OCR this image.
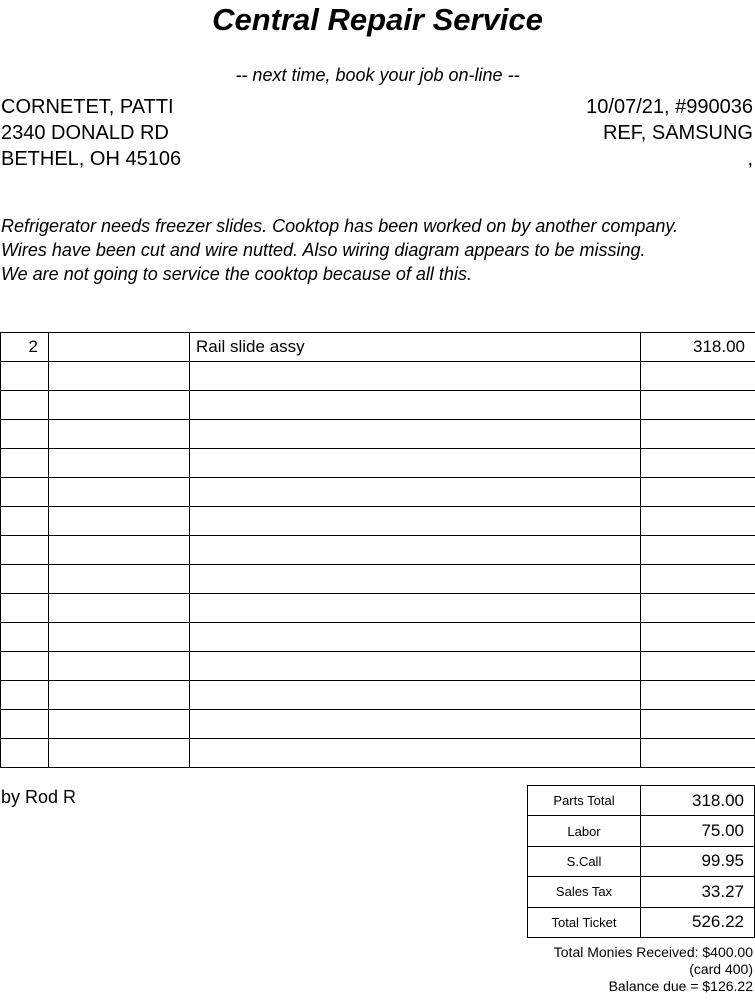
Central Repair Service
-- next time, book your job on-line --
CORNETET, PATTI
2340 DONALD RD
BETHEL, OH 45106
10/07/21, #990036
REF, SAMSUNG
,
Refrigerator needs freezer slides. Cooktop has been worked on by another company.
Wires have been cut and wire nutted. Also wiring diagram appears to be missing.
We are not going to service the cooktop because of all this.
2		Rail slide assy	318.00

by Rod R	Parts Total	318.00
Labor	75.00
S.Call	99.95
Sales Tax	33.27
Total Ticket	526.22
Total Monies Received: $400.00
(card 400)
Balance due = $126.22
